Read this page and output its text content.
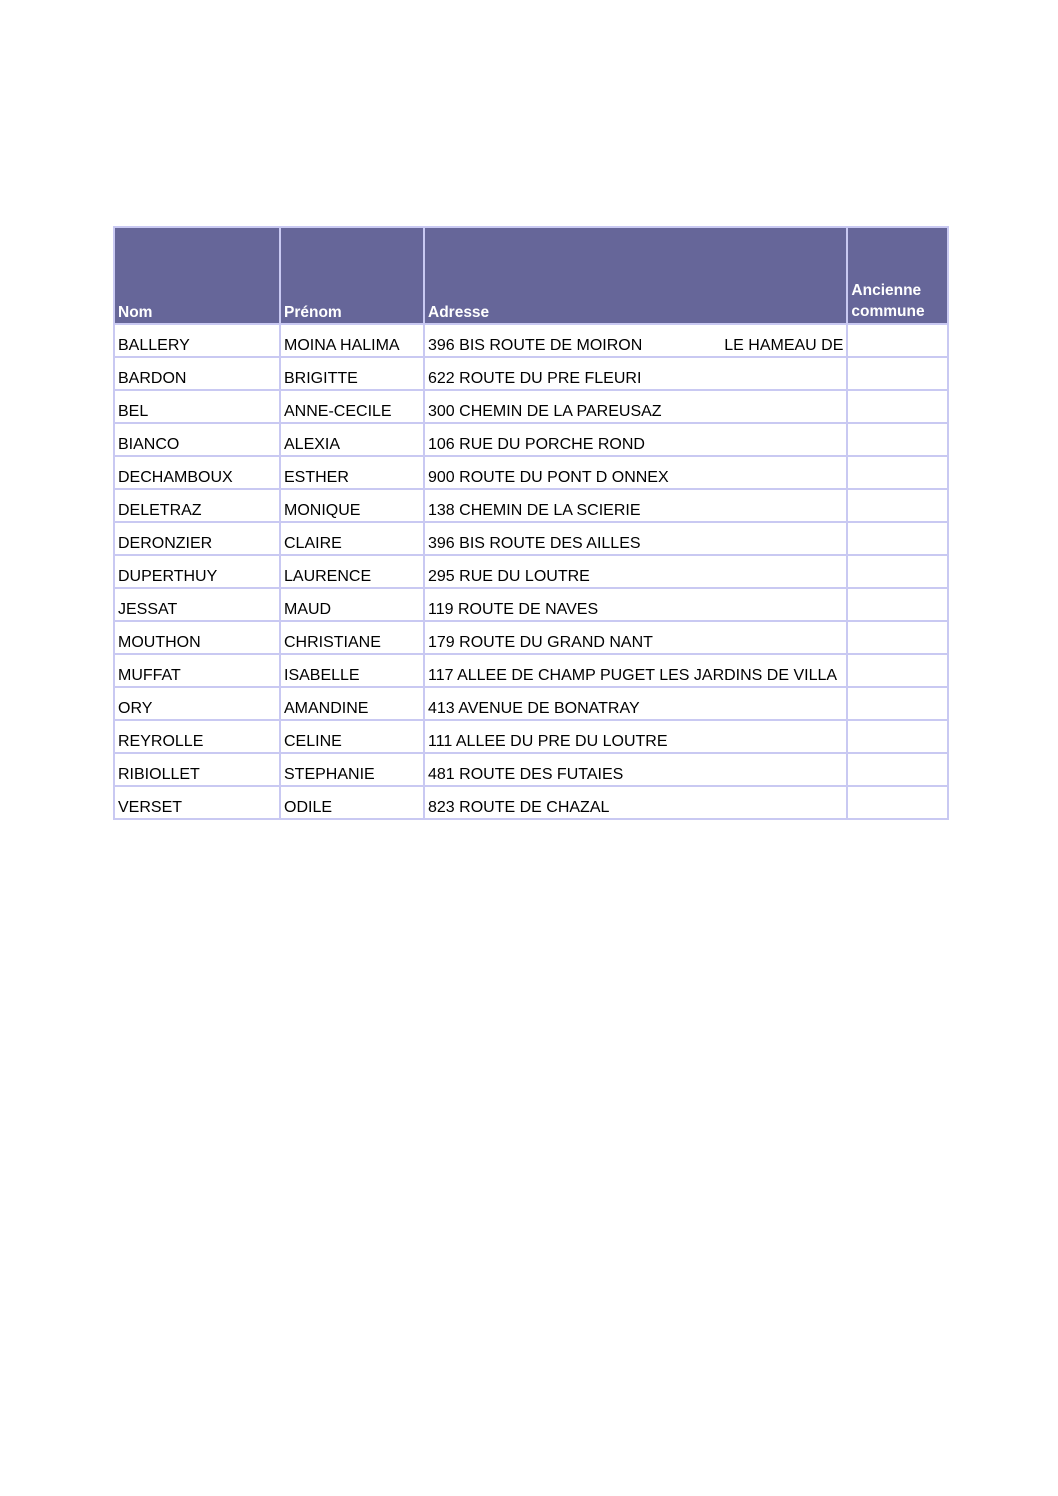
Nom	Prénom	Adresse	Ancienne commune
BALLERY	MOINA HALIMA	396 BIS ROUTE DE MOIRON LE HAMEAU DE	
BARDON	BRIGITTE	622 ROUTE DU PRE FLEURI	
BEL	ANNE-CECILE	300 CHEMIN DE LA PAREUSAZ	
BIANCO	ALEXIA	106 RUE DU PORCHE ROND	
DECHAMBOUX	ESTHER	900 ROUTE DU PONT D ONNEX	
DELETRAZ	MONIQUE	138 CHEMIN DE LA SCIERIE	
DERONZIER	CLAIRE	396 BIS ROUTE DES AILLES	
DUPERTHUY	LAURENCE	295 RUE DU LOUTRE	
JESSAT	MAUD	119 ROUTE DE NAVES	
MOUTHON	CHRISTIANE	179 ROUTE DU GRAND NANT	
MUFFAT	ISABELLE	117 ALLEE DE CHAMP PUGET LES JARDINS DE VILLA	
ORY	AMANDINE	413 AVENUE DE BONATRAY	
REYROLLE	CELINE	111 ALLEE DU PRE DU LOUTRE	
RIBIOLLET	STEPHANIE	481 ROUTE DES FUTAIES	
VERSET	ODILE	823 ROUTE DE CHAZAL	
